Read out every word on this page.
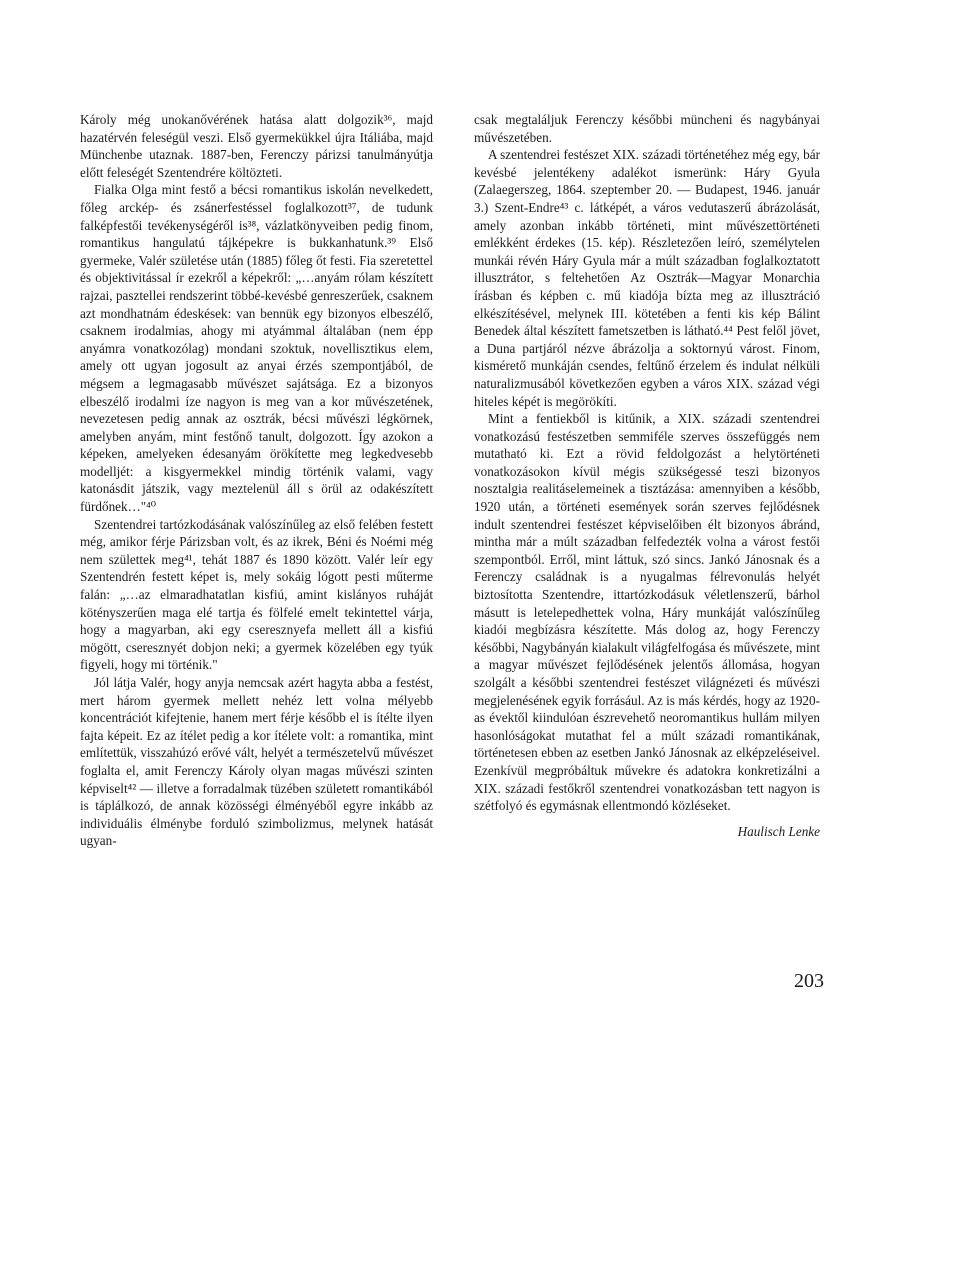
Károly még unokanővérének hatása alatt dolgozik³⁶, majd hazatérvén feleségül veszi. Első gyermekükkel újra Itáliába, majd Münchenbe utaznak. 1887-ben, Ferenczy párizsi tanulmányútja előtt feleségét Szentendrére költözteti.

Fialka Olga mint festő a bécsi romantikus iskolán nevelkedett, főleg arckép- és zsánerfestéssel foglalkozott³⁷, de tudunk falképfestői tevékenységéről is³⁸, vázlatkönyveiben pedig finom, romantikus hangulatú tájképekre is bukkanhatunk.³⁹ Első gyermeke, Valér születése után (1885) főleg őt festi. Fia szeretettel és objektivitással ír ezekről a képekről: „…anyám rólam készített rajzai, pasztellei rendszerint többé-kevésbé genreszerűek, csaknem azt mondhatnám édeskések: van bennük egy bizonyos elbeszélő, csaknem irodalmias, ahogy mi atyámmal általában (nem épp anyámra vonatkozólag) mondani szoktuk, novellisztikus elem, amely ott ugyan jogosult az anyai érzés szempontjából, de mégsem a legmagasabb művészet sajátsága. Ez a bizonyos elbeszélő irodalmi íze nagyon is meg van a kor művészetének, nevezetesen pedig annak az osztrák, bécsi művészi légkörnek, amelyben anyám, mint festőnő tanult, dolgozott. Így azokon a képeken, amelyeken édesanyám örökítette meg legkedvesebb modelljét: a kisgyermekkel mindig történik valami, vagy katonásdit játszik, vagy meztelenül áll s örül az odakészített fürdőnek…"⁴⁰

Szentendrei tartózkodásának valószínűleg az első felében festett még, amikor férje Párizsban volt, és az ikrek, Béni és Noémi még nem születtek meg⁴¹, tehát 1887 és 1890 között. Valér leír egy Szentendrén festett képet is, mely sokáig lógott pesti műterme falán: „…az elmaradhatatlan kisfiú, amint kislányos ruháját kötényszerűen maga elé tartja és fölfelé emelt tekintettel várja, hogy a magyarban, aki egy cseresznyefa mellett áll a kisfiú mögött, cseresznyét dobjon neki; a gyermek közelében egy tyúk figyeli, hogy mi történik."

Jól látja Valér, hogy anyja nemcsak azért hagyta abba a festést, mert három gyermek mellett nehéz lett volna mélyebb koncentrációt kifejtenie, hanem mert férje később el is ítélte ilyen fajta képeit. Ez az ítélet pedig a kor ítélete volt: a romantika, mint említettük, visszahúzó erővé vált, helyét a természetelvű művészet foglalta el, amit Ferenczy Károly olyan magas művészi szinten képviselt⁴² — illetve a forradalmak tüzében született romantikából is táplálkozó, de annak közösségi élményéből egyre inkább az individuális élménybe forduló szimbolizmus, melynek hatását ugyan-

csak megtaláljuk Ferenczy későbbi müncheni és nagybányai művészetében.

A szentendrei festészet XIX. századi történetéhez még egy, bár kevésbé jelentékeny adalékot ismerünk: Háry Gyula (Zalaegerszeg, 1864. szeptember 20. — Budapest, 1946. január 3.) Szent-Endre⁴³ c. látképét, a város vedutaszerű ábrázolását, amely azonban inkább történeti, mint művészettörténeti emlékként érdekes (15. kép). Részletezően leíró, személytelen munkái révén Háry Gyula már a múlt században foglalkoztatott illusztrátor, s feltehetően Az Osztrák—Magyar Monarchia írásban és képben c. mű kiadója bízta meg az illusztráció elkészítésével, melynek III. kötetében a fenti kis kép Bálint Benedek által készített fametszetben is látható.⁴⁴ Pest felől jövet, a Duna partjáról nézve ábrázolja a soktornyú várost. Finom, kismérető munkáján csendes, feltűnő érzelem és indulat nélküli naturalizmusából következően egyben a város XIX. század végi hiteles képét is megörökíti.

Mint a fentiekből is kitűnik, a XIX. századi szentendrei vonatkozású festészetben semmiféle szerves összefüggés nem mutatható ki. Ezt a rövid feldolgozást a helytörténeti vonatkozásokon kívül mégis szükségessé teszi bizonyos nosztalgia realitáselemeinek a tisztázása: amennyiben a később, 1920 után, a történeti események során szerves fejlődésnek indult szentendrei festészet képviselőiben élt bizonyos ábránd, mintha már a múlt században felfedezték volna a várost festői szempontból. Erről, mint láttuk, szó sincs. Jankó Jánosnak és a Ferenczy családnak is a nyugalmas félrevonulás helyét biztosította Szentendre, ittartózkodásuk véletlenszerű, bárhol másutt is letelepedhettek volna, Háry munkáját valószínűleg kiadói megbízásra készítette. Más dolog az, hogy Ferenczy későbbi, Nagybányán kialakult világfelfogása és művészete, mint a magyar művészet fejlődésének jelentős állomása, hogyan szolgált a későbbi szentendrei festészet világnézeti és művészi megjelenésének egyik forrásául. Az is más kérdés, hogy az 1920-as évektől kiindulóan észrevehető neoromantikus hullám milyen hasonlóságokat mutathat fel a múlt századi romantikának, történetesen ebben az esetben Jankó Jánosnak az elképzeléseivel. Ezenkívül megpróbáltuk művekre és adatokra konkretizálni a XIX. századi festőkről szentendrei vonatkozásban tett nagyon is szétfolyó és egymásnak ellentmondó közléseket.

Haulisch Lenke
203
